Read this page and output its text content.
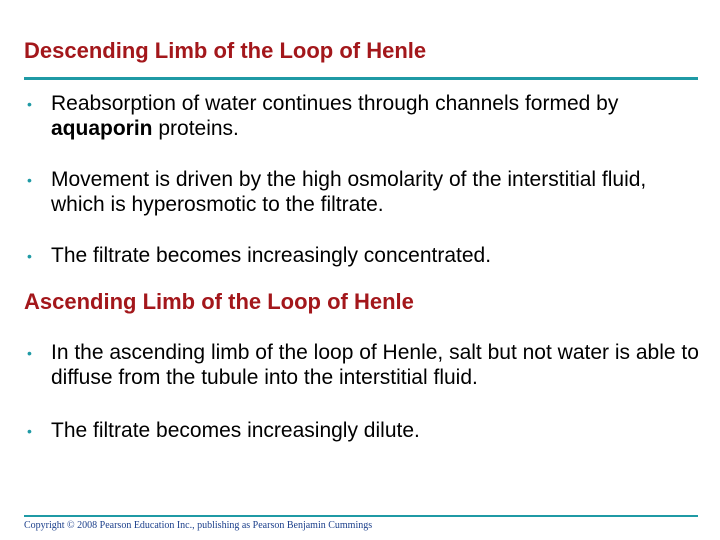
Descending Limb of the Loop of Henle
• Reabsorption of water continues through channels formed by aquaporin proteins.
• Movement is driven by the high osmolarity of the interstitial fluid, which is hyperosmotic to the filtrate.
• The filtrate becomes increasingly concentrated.
Ascending Limb of the Loop of Henle
• In the ascending limb of the loop of Henle, salt but not water is able to diffuse from the tubule into the interstitial fluid.
• The filtrate becomes increasingly dilute.
Copyright © 2008 Pearson Education Inc., publishing as Pearson Benjamin Cummings
